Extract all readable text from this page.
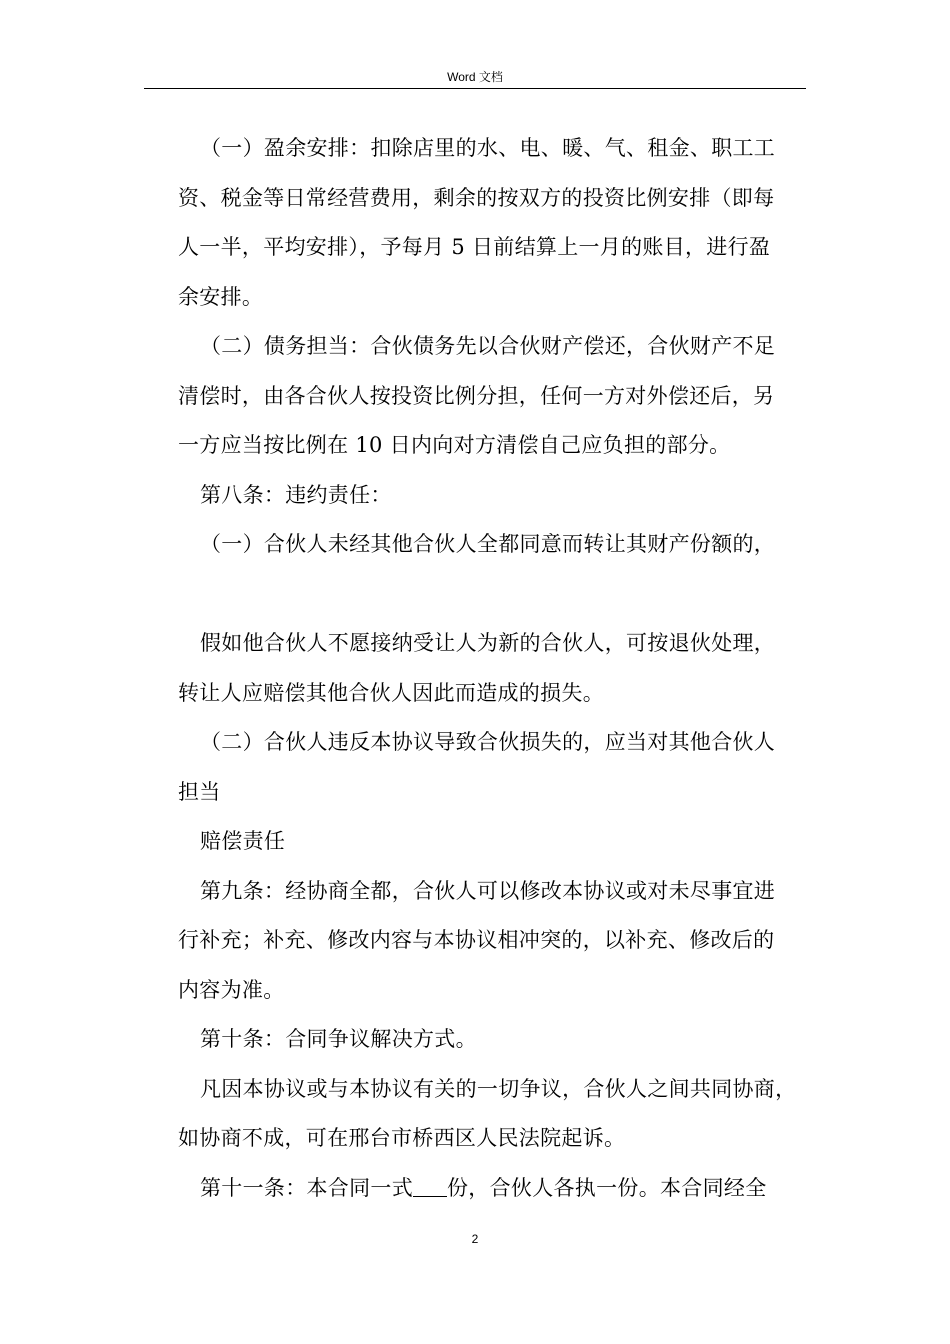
Word 文档
（一）盈余安排：扣除店里的水、电、暖、气、租金、职工工
资、税金等日常经营费用，剩余的按双方的投资比例安排（即每
人一半，平均安排），予每月 5 日前结算上一月的账目，进行盈
余安排。
（二）债务担当：合伙债务先以合伙财产偿还，合伙财产不足
清偿时，由各合伙人按投资比例分担，任何一方对外偿还后，另
一方应当按比例在 10 日内向对方清偿自己应负担的部分。
第八条：违约责任：
（一）合伙人未经其他合伙人全都同意而转让其财产份额的，
假如他合伙人不愿接纳受让人为新的合伙人，可按退伙处理，
转让人应赔偿其他合伙人因此而造成的损失。
（二）合伙人违反本协议导致合伙损失的，应当对其他合伙人
担当
赔偿责任
第九条：经协商全都，合伙人可以修改本协议或对未尽事宜进
行补充；补充、修改内容与本协议相冲突的，以补充、修改后的
内容为准。
第十条：合同争议解决方式。
凡因本协议或与本协议有关的一切争议，合伙人之间共同协商，
如协商不成，可在邢台市桥西区人民法院起诉。
第十一条：本合同一式 份，合伙人各执一份。本合同经全
2
